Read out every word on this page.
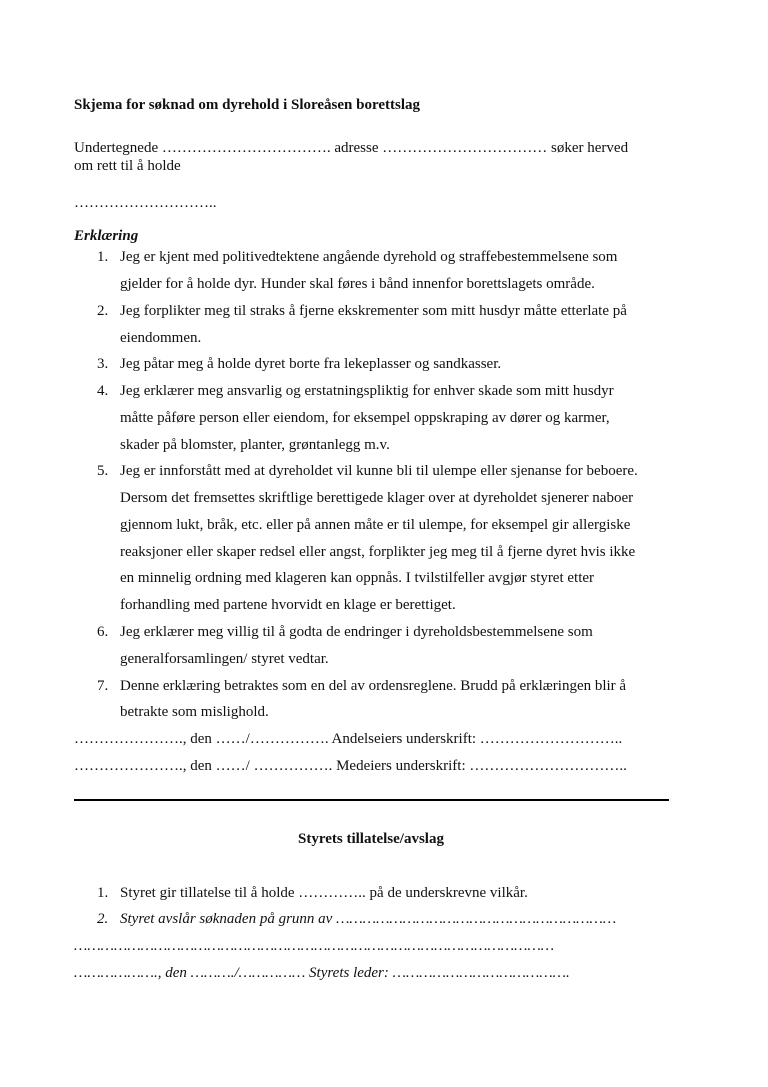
Skjema for søknad om dyrehold i Sloreåsen borettslag
Undertegnede ……………………………. adresse …………………………… søker herved
om rett til å holde
………………………..
Erklæring
1. Jeg er kjent med politivedtektene angående dyrehold og straffebestemmelsene som
gjelder for å holde dyr. Hunder skal føres i bånd innenfor borettslagets område.
2. Jeg forplikter meg til straks å fjerne ekskrementer som mitt husdyr måtte etterlate på
eiendommen.
3. Jeg påtar meg å holde dyret borte fra lekeplasser og sandkasser.
4. Jeg erklærer meg ansvarlig og erstatningspliktig for enhver skade som mitt husdyr
måtte påføre person eller eiendom, for eksempel oppskraping av dører og karmer,
skader på blomster, planter, grøntanlegg m.v.
5. Jeg er innforstått med at dyreholdet vil kunne bli til ulempe eller sjenanse for beboere.
Dersom det fremsettes skriftlige berettigede klager over at dyreholdet sjenerer naboer
gjennom lukt, bråk, etc. eller på annen måte er til ulempe, for eksempel gir allergiske
reaksjoner eller skaper redsel eller angst, forplikter jeg meg til å fjerne dyret hvis ikke
en minnelig ordning med klageren kan oppnås. I tvilstilfeller avgjør styret etter
forhandling med partene hvorvidt en klage er berettiget.
6. Jeg erklærer meg villig til å godta de endringer i dyreholdsbestemmelsene som
generalforsamlingen/ styret vedtar.
7. Denne erklæring betraktes som en del av ordensreglene. Brudd på erklæringen blir å
betrakte som mislighold.
…………………., den ……/……………. Andelseiers underskrift: ………………………..
…………………., den ……/ ……………. Medeiers underskrift: …………………………..
Styrets tillatelse/avslag
1. Styret gir tillatelse til å holde ………….. på de underskrevne vilkår.
2. Styret avslår søknaden på grunn av ………………………………………………………
………………………………………………………………………………………………
………………., den ………./…………… Styrets leder: ………………………………….
